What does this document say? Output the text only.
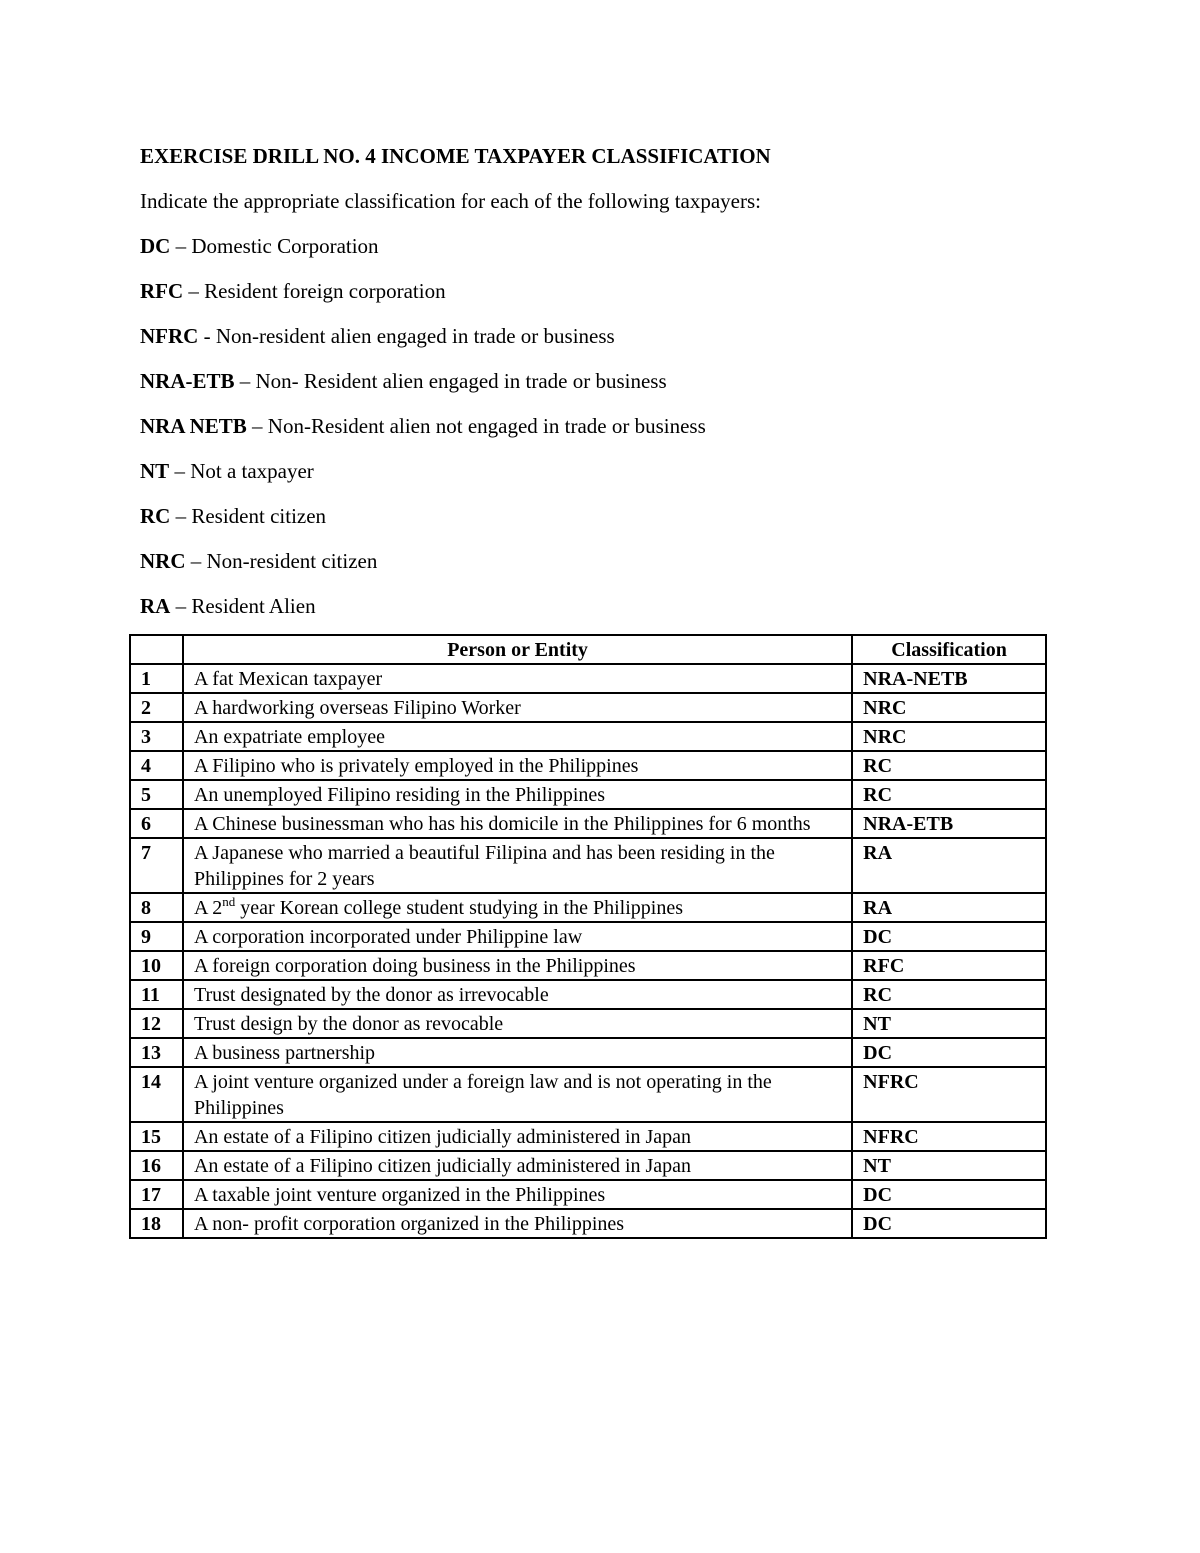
EXERCISE DRILL NO. 4 INCOME TAXPAYER CLASSIFICATION
Indicate the appropriate classification for each of the following taxpayers:
DC – Domestic Corporation
RFC – Resident foreign corporation
NFRC - Non-resident alien engaged in trade or business
NRA-ETB – Non- Resident alien engaged in trade or business
NRA NETB – Non-Resident alien not engaged in trade or business
NT – Not a taxpayer
RC – Resident citizen
NRC – Non-resident citizen
RA – Resident Alien
	Person or Entity	Classification
1	A fat Mexican taxpayer	NRA-NETB
2	A hardworking overseas Filipino Worker	NRC
3	An expatriate employee	NRC
4	A Filipino who is privately employed in the Philippines	RC
5	An unemployed Filipino residing in the Philippines	RC
6	A Chinese businessman who has his domicile in the Philippines for 6 months	NRA-ETB
7	A Japanese who married a beautiful Filipina and has been residing in the Philippines for 2 years	RA
8	A 2nd year Korean college student studying in the Philippines	RA
9	A corporation incorporated under Philippine law	DC
10	A foreign corporation doing business in the Philippines	RFC
11	Trust designated by the donor as irrevocable	RC
12	Trust design by the donor as revocable	NT
13	A business partnership	DC
14	A joint venture organized under a foreign law and is not operating in the Philippines	NFRC
15	An estate of a Filipino citizen judicially administered in Japan	NFRC
16	An estate of a Filipino citizen judicially administered in Japan	NT
17	A taxable joint venture organized in the Philippines	DC
18	A non- profit corporation organized in the Philippines	DC
